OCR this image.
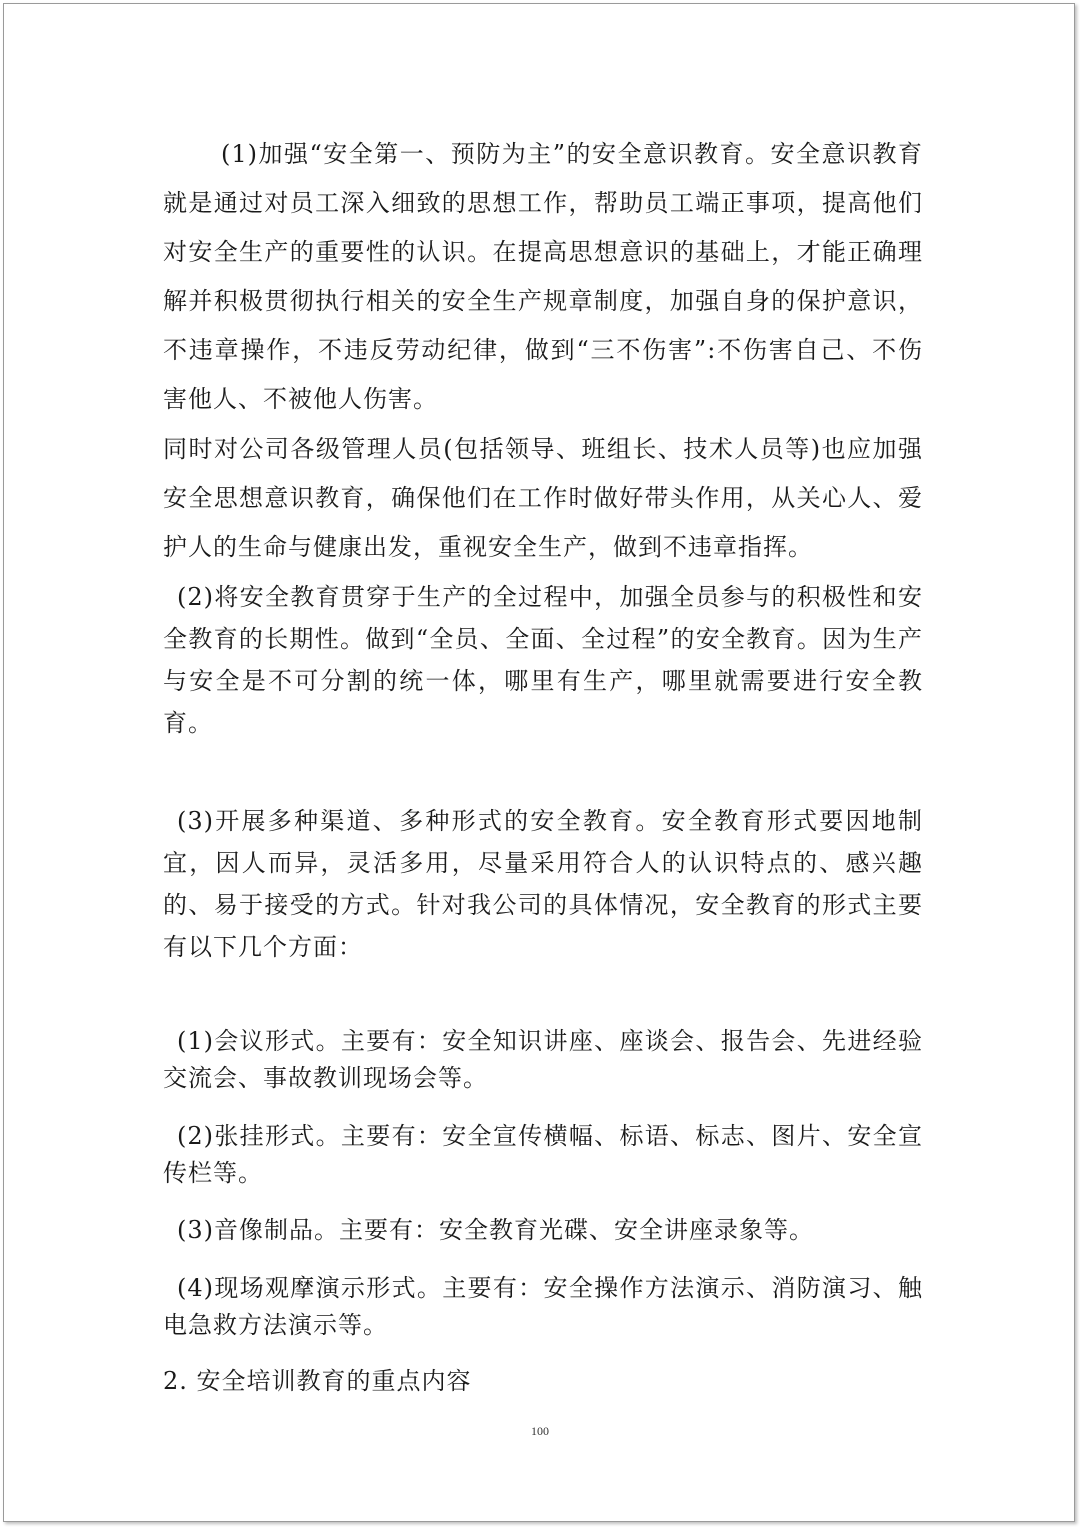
(1)加强“安全第一、预防为主”的安全意识教育。安全意识教育就是通过对员工深入细致的思想工作，帮助员工端正事项，提高他们对安全生产的重要性的认识。在提高思想意识的基础上，才能正确理解并积极贯彻执行相关的安全生产规章制度，加强自身的保护意识，不违章操作，不违反劳动纪律，做到“三不伤害”:不伤害自己、不伤害他人、不被他人伤害。

同时对公司各级管理人员(包括领导、班组长、技术人员等)也应加强安全思想意识教育，确保他们在工作时做好带头作用，从关心人、爱护人的生命与健康出发，重视安全生产，做到不违章指挥。

(2)将安全教育贯穿于生产的全过程中，加强全员参与的积极性和安全教育的长期性。做到“全员、全面、全过程”的安全教育。因为生产与安全是不可分割的统一体，哪里有生产，哪里就需要进行安全教育。

(3)开展多种渠道、多种形式的安全教育。安全教育形式要因地制宜，因人而异，灵活多用，尽量采用符合人的认识特点的、感兴趣的、易于接受的方式。针对我公司的具体情况，安全教育的形式主要有以下几个方面：

(1)会议形式。主要有：安全知识讲座、座谈会、报告会、先进经验交流会、事故教训现场会等。

(2)张挂形式。主要有：安全宣传横幅、标语、标志、图片、安全宣传栏等。

(3)音像制品。主要有：安全教育光碟、安全讲座录象等。

(4)现场观摩演示形式。主要有：安全操作方法演示、消防演习、触电急救方法演示等。

2. 安全培训教育的重点内容

100
